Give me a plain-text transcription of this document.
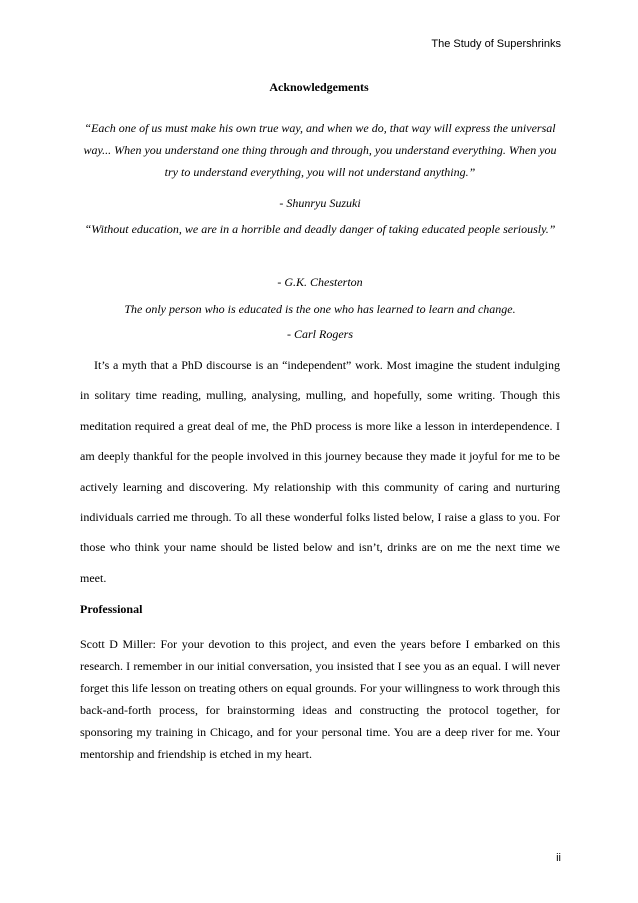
The Study of Supershrinks
Acknowledgements
“Each one of us must make his own true way, and when we do, that way will express the universal way... When you understand one thing through and through, you understand everything. When you try to understand everything, you will not understand anything.”
- Shunryu Suzuki
“Without education, we are in a horrible and deadly danger of taking educated people seriously.”
- G.K. Chesterton
The only person who is educated is the one who has learned to learn and change.
- Carl Rogers
It’s a myth that a PhD discourse is an “independent” work. Most imagine the student indulging in solitary time reading, mulling, analysing, mulling, and hopefully, some writing. Though this meditation required a great deal of me, the PhD process is more like a lesson in interdependence. I am deeply thankful for the people involved in this journey because they made it joyful for me to be actively learning and discovering. My relationship with this community of caring and nurturing individuals carried me through. To all these wonderful folks listed below, I raise a glass to you. For those who think your name should be listed below and isn’t, drinks are on me the next time we meet.
Professional
Scott D Miller: For your devotion to this project, and even the years before I embarked on this research. I remember in our initial conversation, you insisted that I see you as an equal. I will never forget this life lesson on treating others on equal grounds. For your willingness to work through this back-and-forth process, for brainstorming ideas and constructing the protocol together, for sponsoring my training in Chicago, and for your personal time. You are a deep river for me. Your mentorship and friendship is etched in my heart.
ii
